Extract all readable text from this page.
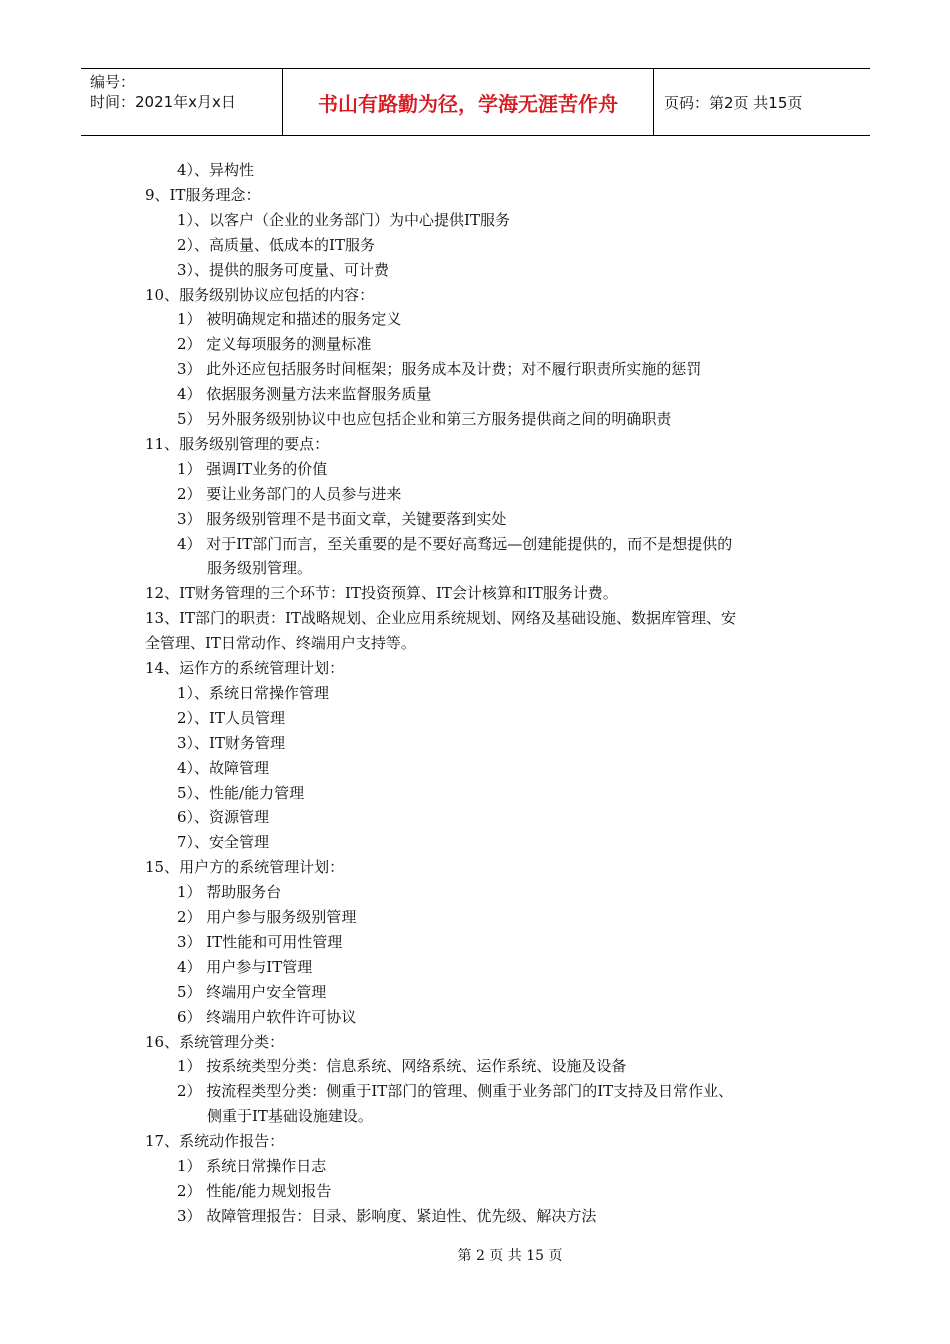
编号：
时间：2021年x月x日	书山有路勤为径，学海无涯苦作舟	页码：第2页 共15页
4）、异构性
9、IT服务理念：
1）、以客户（企业的业务部门）为中心提供IT服务
2）、高质量、低成本的IT服务
3）、提供的服务可度量、可计费
10、服务级别协议应包括的内容：
1） 被明确规定和描述的服务定义
2） 定义每项服务的测量标准
3） 此外还应包括服务时间框架；服务成本及计费；对不履行职责所实施的惩罚
4） 依据服务测量方法来监督服务质量
5） 另外服务级别协议中也应包括企业和第三方服务提供商之间的明确职责
11、服务级别管理的要点：
1） 强调IT业务的价值
2） 要让业务部门的人员参与进来
3） 服务级别管理不是书面文章，关键要落到实处
4） 对于IT部门而言，至关重要的是不要好高骛远—创建能提供的，而不是想提供的
服务级别管理。
12、IT财务管理的三个环节：IT投资预算、IT会计核算和IT服务计费。
13、IT部门的职责：IT战略规划、企业应用系统规划、网络及基础设施、数据库管理、安
全管理、IT日常动作、终端用户支持等。
14、运作方的系统管理计划：
1）、系统日常操作管理
2）、IT人员管理
3）、IT财务管理
4）、故障管理
5）、性能/能力管理
6）、资源管理
7）、安全管理
15、用户方的系统管理计划：
1） 帮助服务台
2） 用户参与服务级别管理
3） IT性能和可用性管理
4） 用户参与IT管理
5） 终端用户安全管理
6） 终端用户软件许可协议
16、系统管理分类：
1） 按系统类型分类：信息系统、网络系统、运作系统、设施及设备
2） 按流程类型分类：侧重于IT部门的管理、侧重于业务部门的IT支持及日常作业、
侧重于IT基础设施建设。
17、系统动作报告：
1） 系统日常操作日志
2） 性能/能力规划报告
3） 故障管理报告：目录、影响度、紧迫性、优先级、解决方法
第 2 页 共 15 页
